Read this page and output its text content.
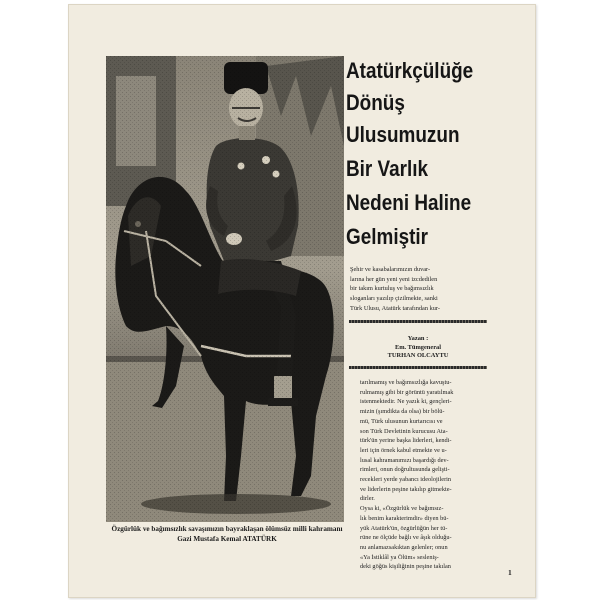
Özgürlük ve bağımsızlık savaşımızın bayraklaşan ölümsüz milli kahramanı
Gazi Mustafa Kemal ATATÜRK
Atatürkçülüğe
Dönüş
Ulusumuzun
Bir Varlık
Nedeni Haline
Gelmiştir
Şehir ve kasabalarımızın duvar-
larına her gün yeni yeni izcdedilen
bir takım kurtuluş ve bağımsızlık
sloganları yazılıp çizilmekte, sanki
Türk Ulusu, Atatürk tarafından kur-
Yazan :
Em. Tümgeneral
TURHAN OLCAYTU
tarılmamış ve bağımsızlığa kavuştu-
rulmamış gibi bir görüntü yaratılmak
istenmektedir. Ne yazık ki, gençleri-
mizin (şımdikta da olsa) bir bölü-
mü, Türk ulusunun kurtarıcısı ve
son Türk Devletinin kurucusu Ata-
türk'ün yerine başka liderleri, kendi-
leri için örnek kabul etmekte ve u-
lusal kahramanımızı başardığı dev-
rimleri, onun doğrultusunda gelişti-
recekleri yerde yabancı ideolojilerin
ve liderlerin peşine takılıp gitmekte-
dirler.
Oysa ki, «Özgürlük ve bağımsız-
lık benim karakterimdir» diyen bü-
yük Atatürk'ün, özgürlüğün her tü-
rüne ne ölçüde bağlı ve âşık olduğu-
nu anlamazsakıktan gelenler; onun
«Ya İstiklâl ya Ölüm» sesleniş-
deki göğüs kişiliğinin peşine takılan
1
